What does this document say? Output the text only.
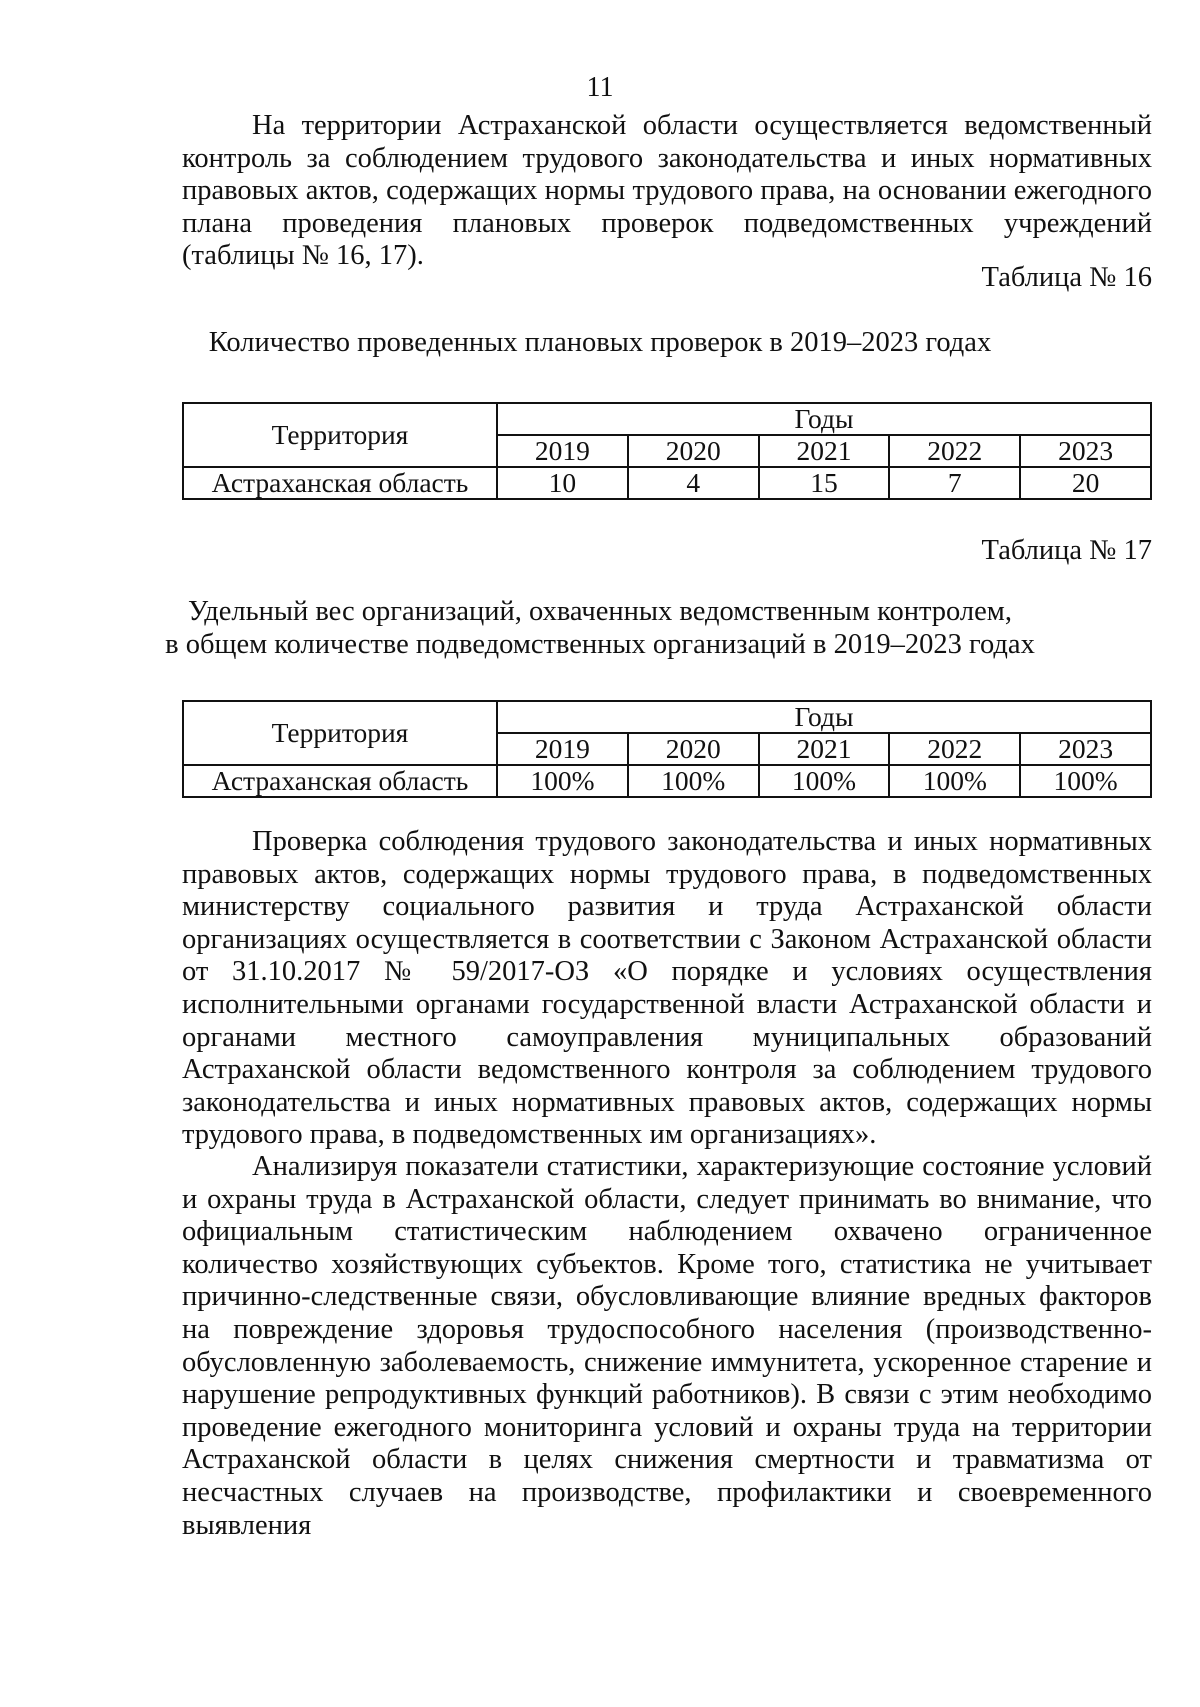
11

На территории Астраханской области осуществляется ведомственный контроль за соблюдением трудового законодательства и иных нормативных правовых актов, содержащих нормы трудового права, на основании ежегодного плана проведения плановых проверок подведомственных учреждений (таблицы № 16, 17).

Таблица № 16
Количество проведенных плановых проверок в 2019–2023 годах
Территория	Годы				
	2019	2020	2021	2022	2023
Астраханская область	10	4	15	7	20
Таблица № 17
Удельный вес организаций, охваченных ведомственным контролем,
в общем количестве подведомственных организаций в 2019–2023 годах
Территория	Годы				
	2019	2020	2021	2022	2023
Астраханская область	100%	100%	100%	100%	100%

Проверка соблюдения трудового законодательства и иных нормативных правовых актов, содержащих нормы трудового права, в подведомственных министерству социального развития и труда Астраханской области организациях осуществляется в соответствии с Законом Астраханской области от 31.10.2017 № 59/2017-ОЗ «О порядке и условиях осуществления исполнительными органами государственной власти Астраханской области и органами местного самоуправления муниципальных образований Астраханской области ведомственного контроля за соблюдением трудового законодательства и иных нормативных правовых актов, содержащих нормы трудового права, в подведомственных им организациях».

Анализируя показатели статистики, характеризующие состояние условий и охраны труда в Астраханской области, следует принимать во внимание, что официальным статистическим наблюдением охвачено ограниченное количество хозяйствующих субъектов. Кроме того, статистика не учитывает причинно-следственные связи, обусловливающие влияние вредных факторов на повреждение здоровья трудоспособного населения (производственно-обусловленную заболеваемость, снижение иммунитета, ускоренное старение и нарушение репродуктивных функций работников). В связи с этим необходимо проведение ежегодного мониторинга условий и охраны труда на территории Астраханской области в целях снижения смертности и травматизма от несчастных случаев на производстве, профилактики и своевременного выявления
